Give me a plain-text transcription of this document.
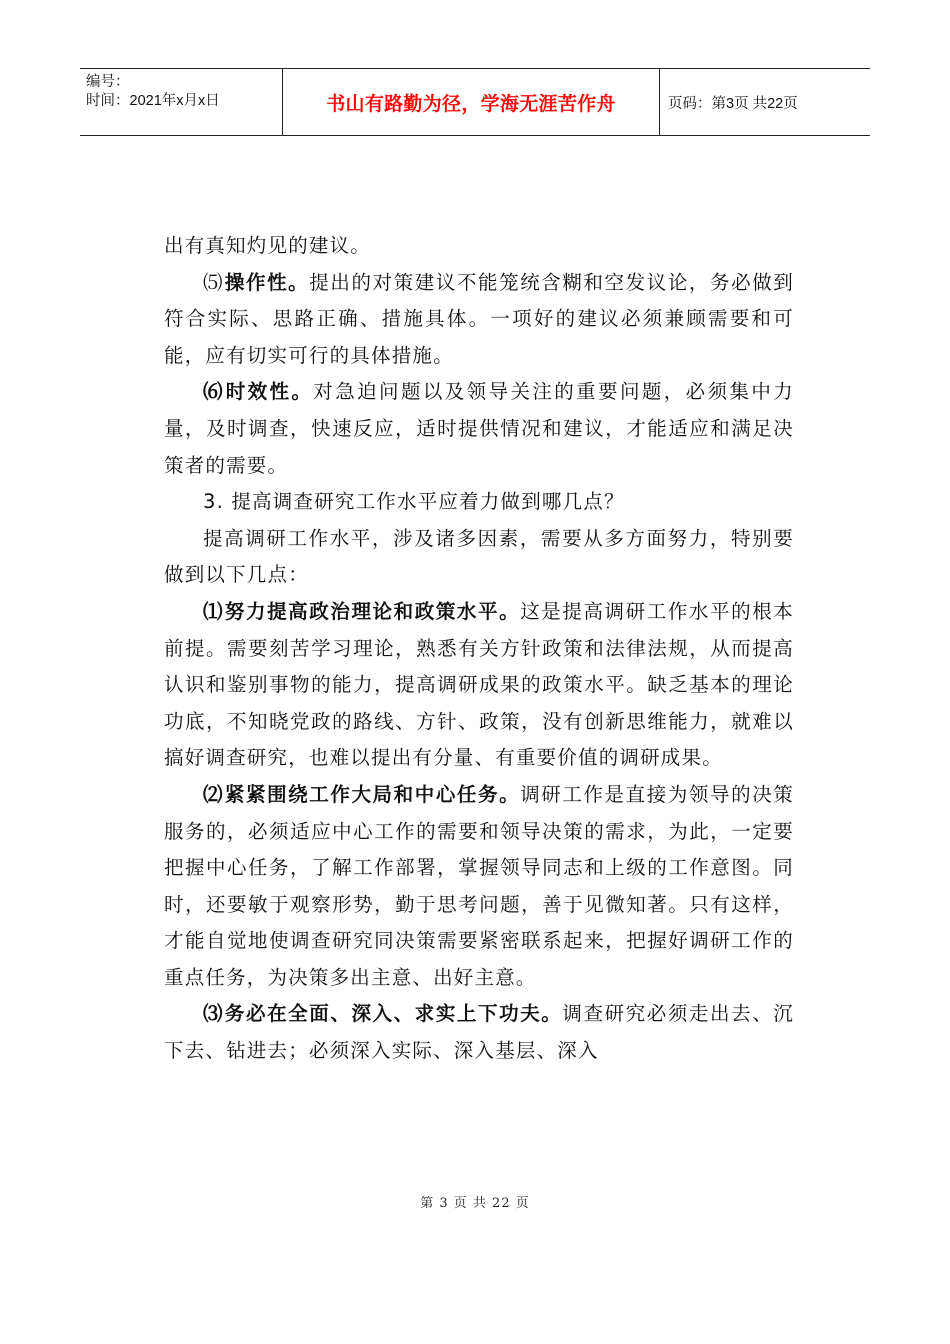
编号：
时间：2021年x月x日	书山有路勤为径，学海无涯苦作舟	页码：第3页 共22页

出有真知灼见的建议。

⑸ 操作性。提出的对策建议不能笼统含糊和空发议论，务必做到符合实际、思路正确、措施具体。一项好的建议必须兼顾需要和可能，应有切实可行的具体措施。

⑹ 时效性。对急迫问题以及领导关注的重要问题，必须集中力量，及时调查，快速反应，适时提供情况和建议，才能适应和满足决策者的需要。

3. 提高调查研究工作水平应着力做到哪几点？

提高调研工作水平，涉及诸多因素，需要从多方面努力，特别要做到以下几点：

⑴ 努力提高政治理论和政策水平。这是提高调研工作水平的根本前提。需要刻苦学习理论，熟悉有关方针政策和法律法规，从而提高认识和鉴别事物的能力，提高调研成果的政策水平。缺乏基本的理论功底，不知晓党政的路线、方针、政策，没有创新思维能力，就难以搞好调查研究，也难以提出有分量、有重要价值的调研成果。

⑵ 紧紧围绕工作大局和中心任务。调研工作是直接为领导的决策服务的，必须适应中心工作的需要和领导决策的需求，为此，一定要把握中心任务，了解工作部署，掌握领导同志和上级的工作意图。同时，还要敏于观察形势，勤于思考问题，善于见微知著。只有这样，才能自觉地使调查研究同决策需要紧密联系起来，把握好调研工作的重点任务，为决策多出主意、出好主意。

⑶ 务必在全面、深入、求实上下功夫。调查研究必须走出去、沉下去、钻进去；必须深入实际、深入基层、深入

第 3 页 共 22 页
